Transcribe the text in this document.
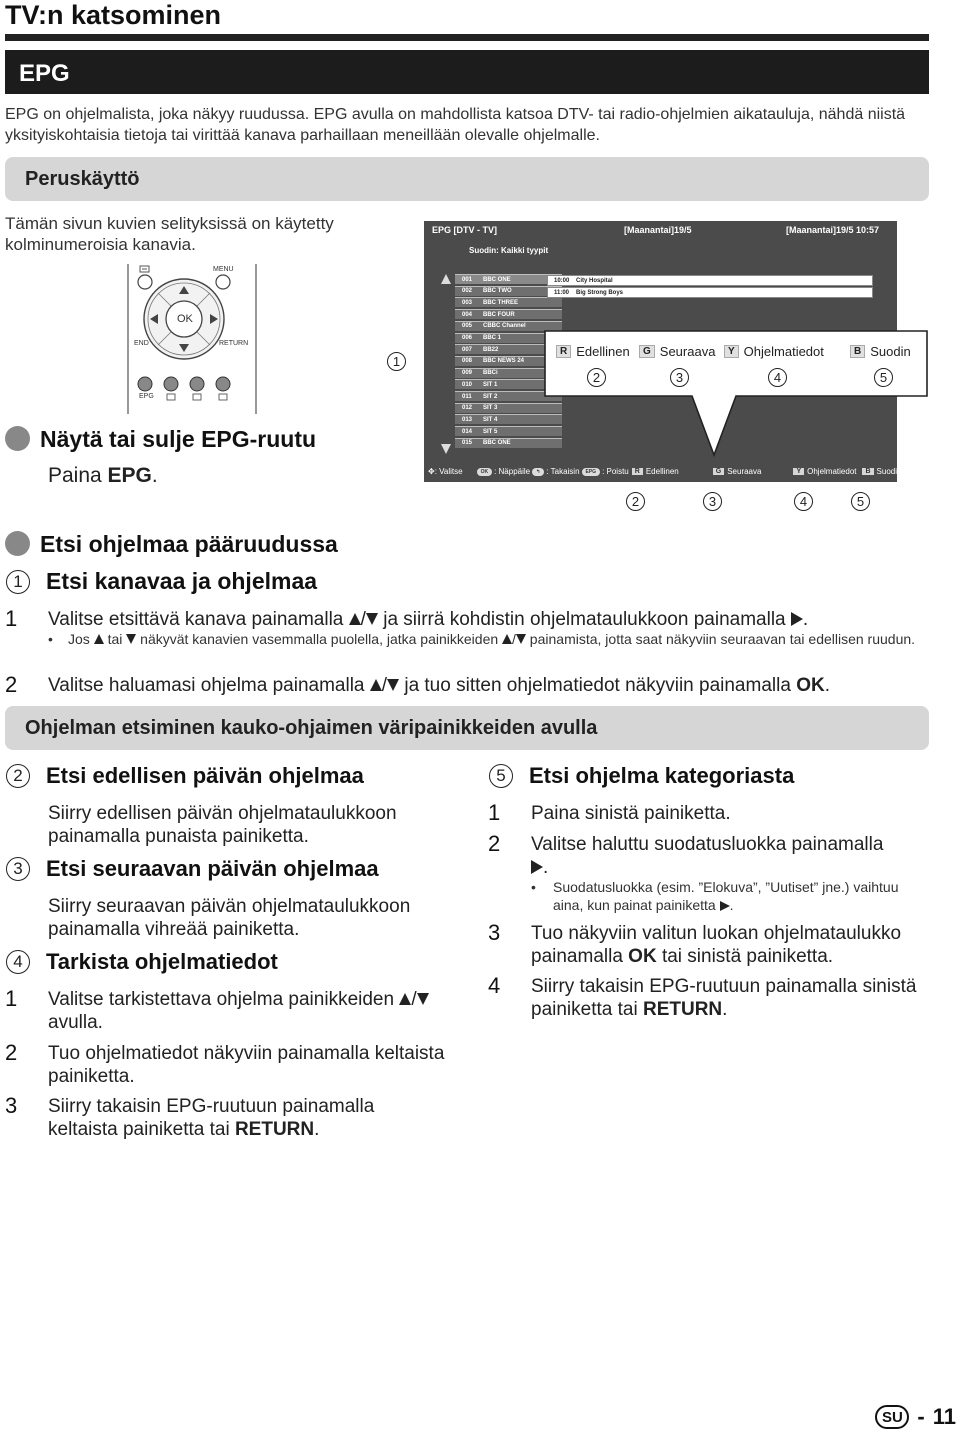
TV:n katsominen
EPG
EPG on ohjelmalista, joka näkyy ruudussa. EPG avulla on mahdollista katsoa DTV- tai radio-ohjelmien aikatauluja, nähdä niistä yksityiskohtaisia tietoja tai virittää kanava parhaillaan meneillään olevalle ohjelmalle.
Peruskäyttö
Tämän sivun kuvien selityksissä on käytetty kolminumeroisia kanavia.
MENU
OK
END	RETURN
EPG
1
EPG [DTV - TV]	[Maanantai]19/5	[Maanantai]19/5 10:57
Suodin: Kaikki tyypit
001	BBC ONE
002	BBC TWO
003	BBC THREE
004	BBC FOUR
005	CBBC Channel
006	BBC 1
007	BB22
008	BBC NEWS 24
009	BBCi
010	SIT 1
011	SIT 2
012	SIT 3
013	SIT 4
014	SIT 5
015	BBC ONE
10:00	City Hospital
11:00	Big Strong Boys
✥ : Valitse	OK : Näppäile	↰ : Takaisin	EPG : Poistu R Edellinen	G Seuraava	Y Ohjelmatiedot	B Suodin
R Edellinen	G Seuraava	Y Ohjelmatiedot	B Suodin
2	3	4	5
2	3	4	5
Näytä tai sulje EPG-ruutu
Paina EPG.
Etsi ohjelmaa pääruudussa
1	Etsi kanavaa ja ohjelmaa
1 Valitse etsittävä kanava painamalla / ja siirrä kohdistin ohjelmataulukkoon painamalla .
• Jos  tai  näkyvät kanavien vasemmalla puolella, jatka painikkeiden / painamista, jotta saat näkyviin seuraavan tai edellisen ruudun.
2 Valitse haluamasi ohjelma painamalla / ja tuo sitten ohjelmatiedot näkyviin painamalla OK.
Ohjelman etsiminen kauko-ohjaimen väripainikkeiden avulla
2	Etsi edellisen päivän ohjelmaa
Siirry edellisen päivän ohjelmataulukkoon painamalla punaista painiketta.
3	Etsi seuraavan päivän ohjelmaa
Siirry seuraavan päivän ohjelmataulukkoon painamalla vihreää painiketta.
4	Tarkista ohjelmatiedot
1 Valitse tarkistettava ohjelma painikkeiden / avulla.
2 Tuo ohjelmatiedot näkyviin painamalla keltaista painiketta.
3 Siirry takaisin EPG-ruutuun painamalla keltaista painiketta tai RETURN.
5	Etsi ohjelma kategoriasta
1 Paina sinistä painiketta.
2 Valitse haluttu suodatusluokka painamalla
.
• Suodatusluokka (esim. ”Elokuva”, ”Uutiset” jne.) vaihtuu aina, kun painat painiketta .
3 Tuo näkyviin valitun luokan ohjelmataulukko painamalla OK tai sinistä painiketta.
4 Siirry takaisin EPG-ruutuun painamalla sinistä painiketta tai RETURN.
SU - 11
